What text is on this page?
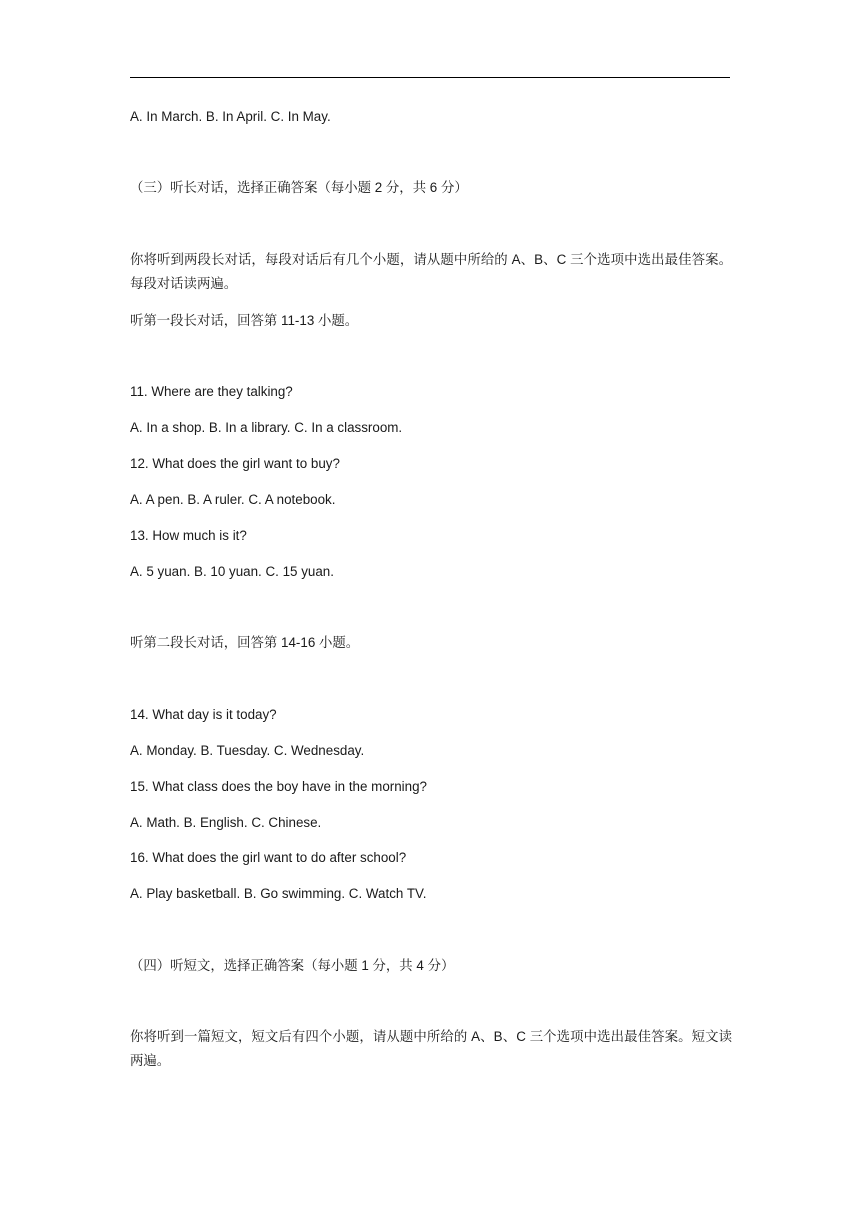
A. In March. B. In April. C. In May.
（三）听长对话，选择正确答案（每小题 2 分，共 6 分）
你将听到两段长对话，每段对话后有几个小题，请从题中所给的 A、B、C 三个选项中选出最佳答案。每段对话读两遍。
听第一段长对话，回答第 11-13 小题。
11. Where are they talking?
A. In a shop. B. In a library. C. In a classroom.
12. What does the girl want to buy?
A. A pen. B. A ruler. C. A notebook.
13. How much is it?
A. 5 yuan. B. 10 yuan. C. 15 yuan.
听第二段长对话，回答第 14-16 小题。
14. What day is it today?
A. Monday. B. Tuesday. C. Wednesday.
15. What class does the boy have in the morning?
A. Math. B. English. C. Chinese.
16. What does the girl want to do after school?
A. Play basketball. B. Go swimming. C. Watch TV.
（四）听短文，选择正确答案（每小题 1 分，共 4 分）
你将听到一篇短文，短文后有四个小题，请从题中所给的 A、B、C 三个选项中选出最佳答案。短文读两遍。
